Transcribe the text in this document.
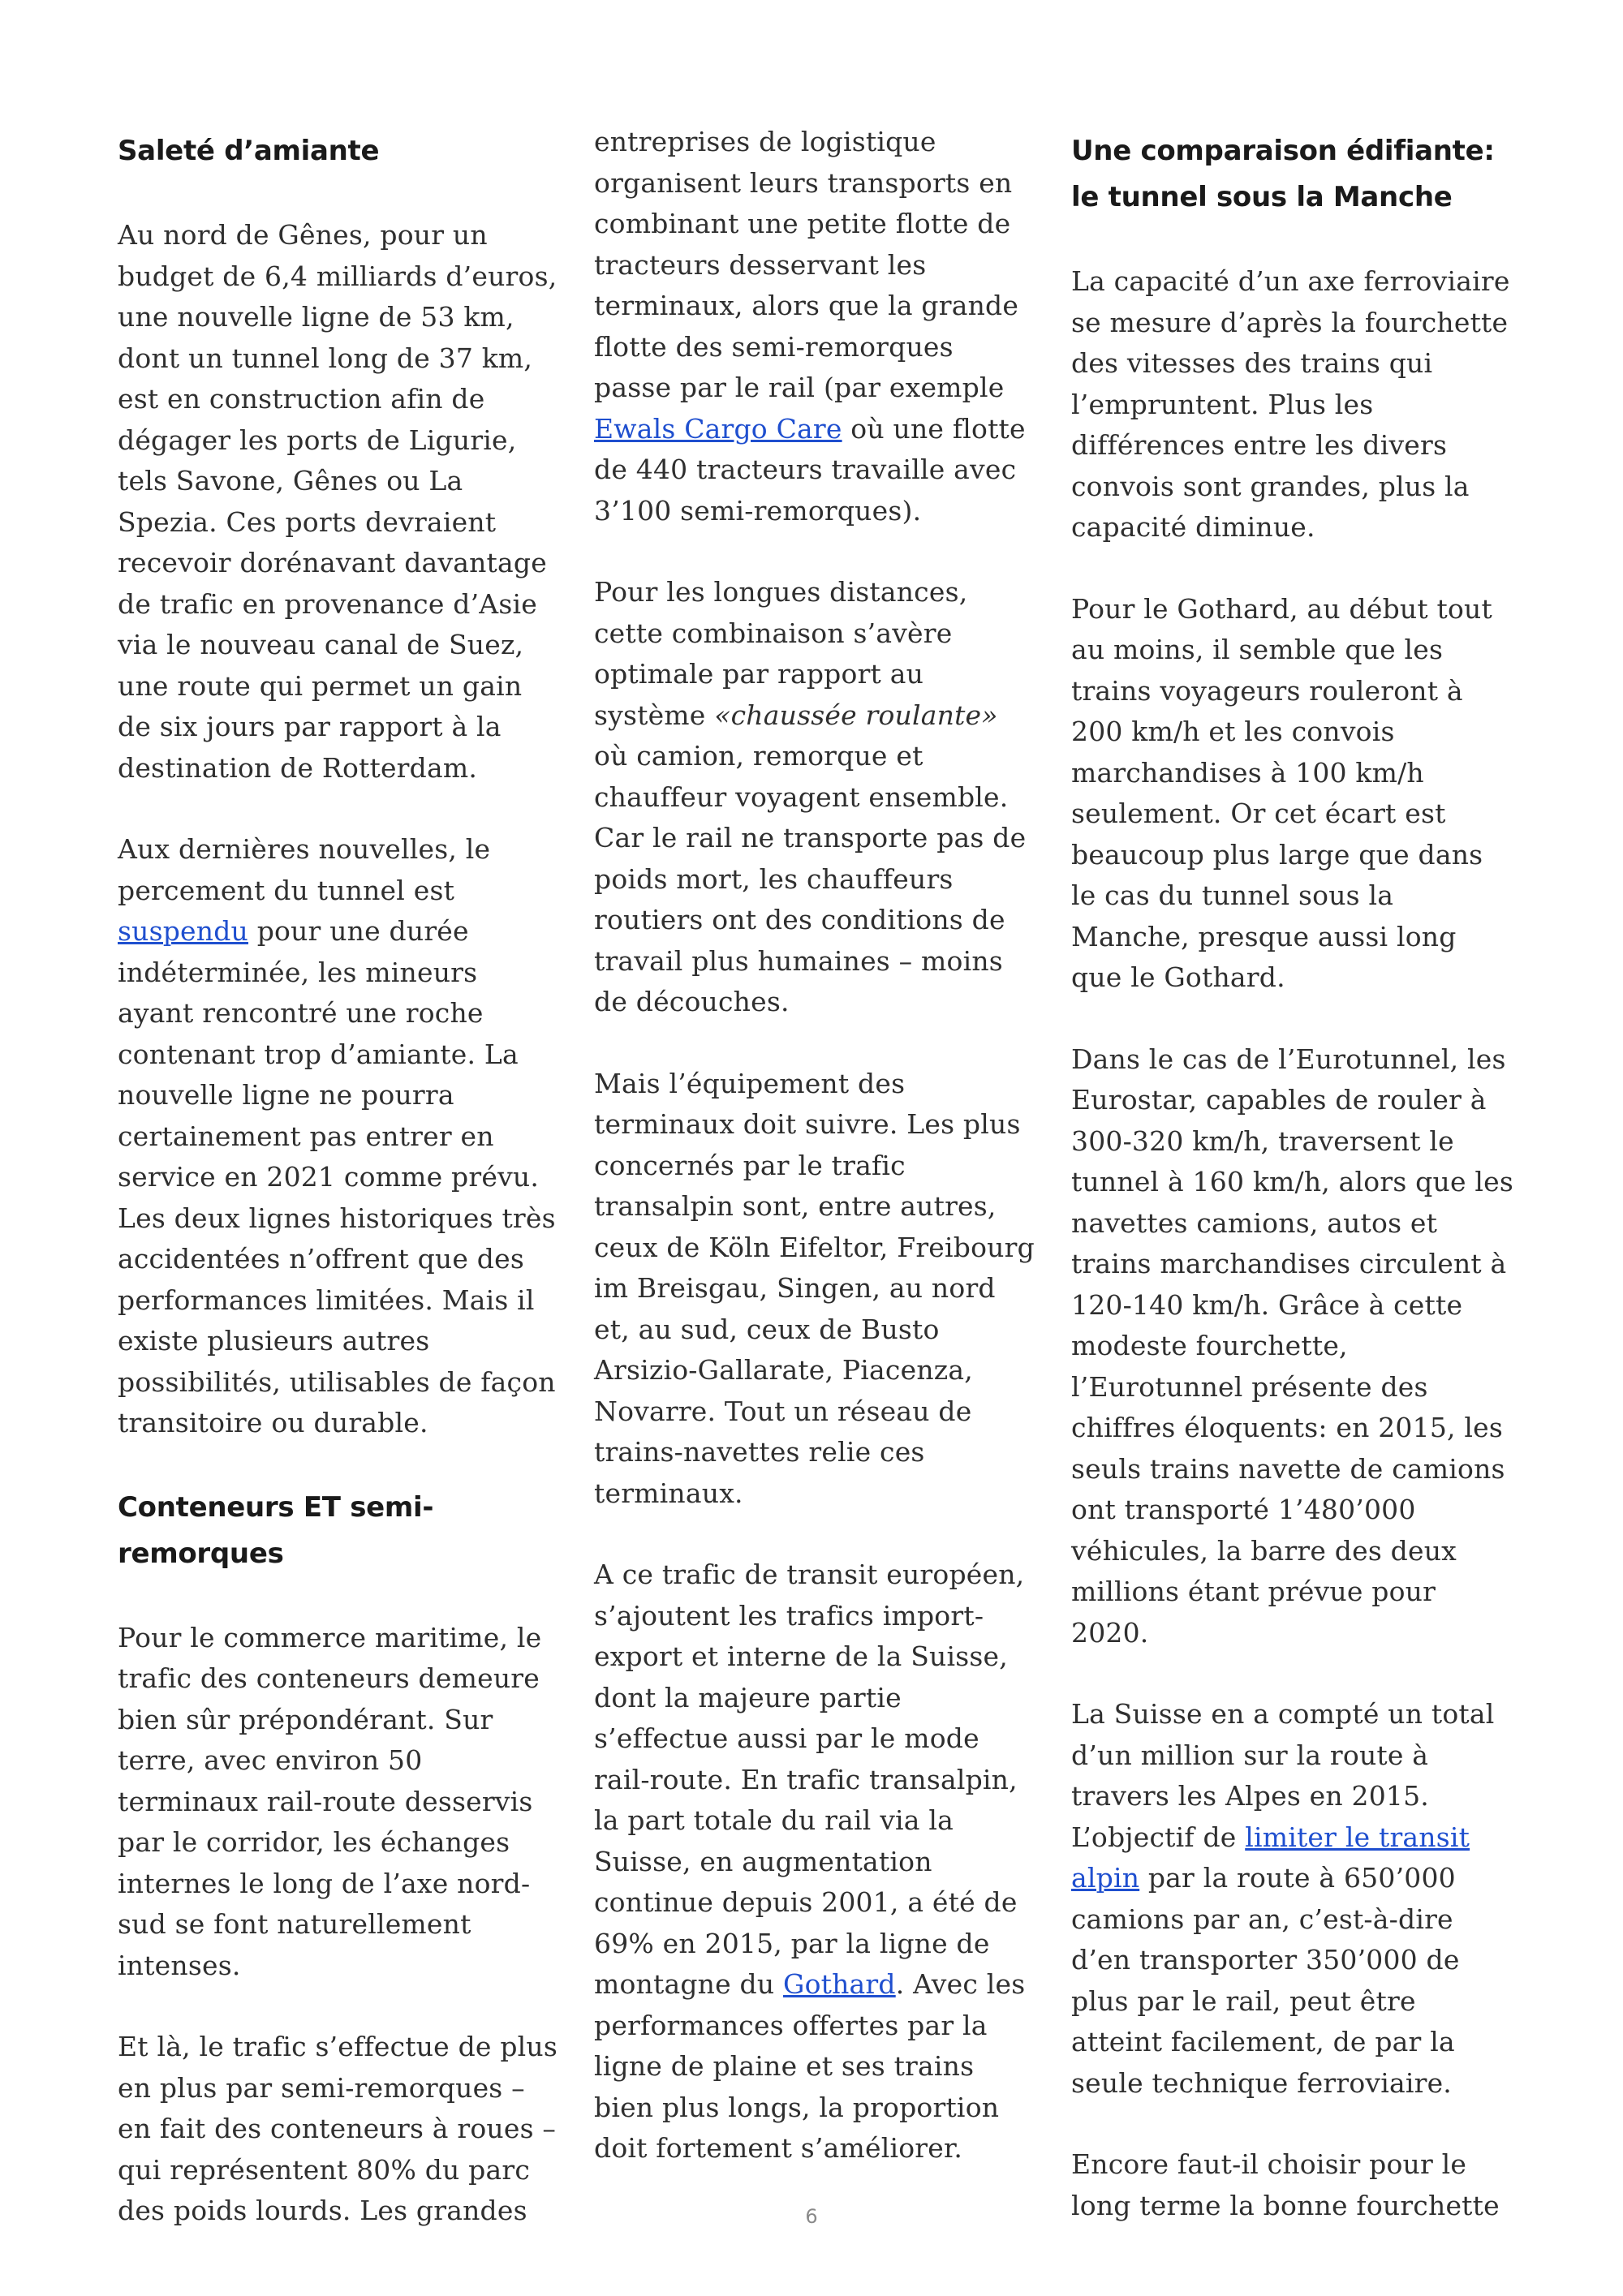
Saleté d’amiante

Au nord de Gênes, pour un budget de 6,4 milliards d’euros, une nouvelle ligne de 53 km, dont un tunnel long de 37 km, est en construction afin de dégager les ports de Ligurie, tels Savone, Gênes ou La Spezia. Ces ports devraient recevoir dorénavant davantage de trafic en provenance d’Asie via le nouveau canal de Suez, une route qui permet un gain de six jours par rapport à la destination de Rotterdam.

Aux dernières nouvelles, le percement du tunnel est suspendu pour une durée indéterminée, les mineurs ayant rencontré une roche contenant trop d’amiante. La nouvelle ligne ne pourra certainement pas entrer en service en 2021 comme prévu. Les deux lignes historiques très accidentées n’offrent que des performances limitées. Mais il existe plusieurs autres possibilités, utilisables de façon transitoire ou durable.

Conteneurs ET semi-remorques

Pour le commerce maritime, le trafic des conteneurs demeure bien sûr prépondérant. Sur terre, avec environ 50 terminaux rail-route desservis par le corridor, les échanges internes le long de l’axe nord-sud se font naturellement intenses.

Et là, le trafic s’effectue de plus en plus par semi-remorques – en fait des conteneurs à roues – qui représentent 80% du parc des poids lourds. Les grandes

entreprises de logistique organisent leurs transports en combinant une petite flotte de tracteurs desservant les terminaux, alors que la grande flotte des semi-remorques passe par le rail (par exemple Ewals Cargo Care où une flotte de 440 tracteurs travaille avec 3’100 semi-remorques).

Pour les longues distances, cette combinaison s’avère optimale par rapport au système «chaussée roulante» où camion, remorque et chauffeur voyagent ensemble. Car le rail ne transporte pas de poids mort, les chauffeurs routiers ont des conditions de travail plus humaines – moins de découches.

Mais l’équipement des terminaux doit suivre. Les plus concernés par le trafic transalpin sont, entre autres, ceux de Köln Eifeltor, Freibourg im Breisgau, Singen, au nord et, au sud, ceux de Busto Arsizio-Gallarate, Piacenza, Novarre. Tout un réseau de trains-navettes relie ces terminaux.

A ce trafic de transit européen, s’ajoutent les trafics import-export et interne de la Suisse, dont la majeure partie s’effectue aussi par le mode rail-route. En trafic transalpin, la part totale du rail via la Suisse, en augmentation continue depuis 2001, a été de 69% en 2015, par la ligne de montagne du Gothard. Avec les performances offertes par la ligne de plaine et ses trains bien plus longs, la proportion doit fortement s’améliorer.

Une comparaison édifiante: le tunnel sous la Manche

La capacité d’un axe ferroviaire se mesure d’après la fourchette des vitesses des trains qui l’empruntent. Plus les différences entre les divers convois sont grandes, plus la capacité diminue.

Pour le Gothard, au début tout au moins, il semble que les trains voyageurs rouleront à 200 km/h et les convois marchandises à 100 km/h seulement. Or cet écart est beaucoup plus large que dans le cas du tunnel sous la Manche, presque aussi long que le Gothard.

Dans le cas de l’Eurotunnel, les Eurostar, capables de rouler à 300-320 km/h, traversent le tunnel à 160 km/h, alors que les navettes camions, autos et trains marchandises circulent à 120-140 km/h. Grâce à cette modeste fourchette, l’Eurotunnel présente des chiffres éloquents: en 2015, les seuls trains navette de camions ont transporté 1’480’000 véhicules, la barre des deux millions étant prévue pour 2020.

La Suisse en a compté un total d’un million sur la route à travers les Alpes en 2015. L’objectif de limiter le transit alpin par la route à 650’000 camions par an, c’est-à-dire d’en transporter 350’000 de plus par le rail, peut être atteint facilement, de par la seule technique ferroviaire.

Encore faut-il choisir pour le long terme la bonne fourchette

6
